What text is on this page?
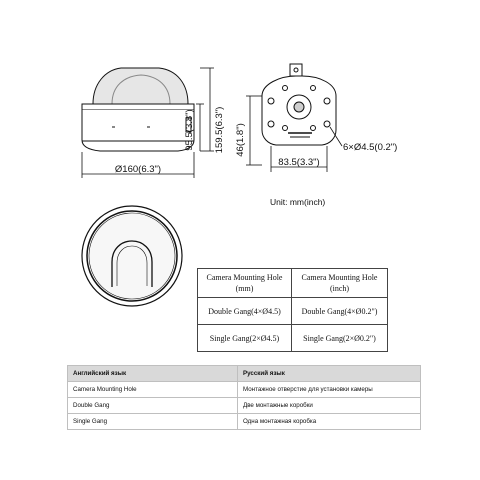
159.5(6.3")
95.5(3.8")
Ø160(6.3")
46(1.8")
83.5(3.3")
6×Ø4.5(0.2")
Unit: mm(inch)
Camera Mounting Hole (mm)	Camera Mounting Hole (inch)
Double Gang(4×Ø4.5)	Double Gang(4×Ø0.2")
Single Gang(2×Ø4.5)	Single Gang(2×Ø0.2")
Английский язык	Русский язык
Camera Mounting Hole	Монтажное отверстие для установки камеры
Double Gang	Две монтажные коробки
Single Gang	Одна монтажная коробка
